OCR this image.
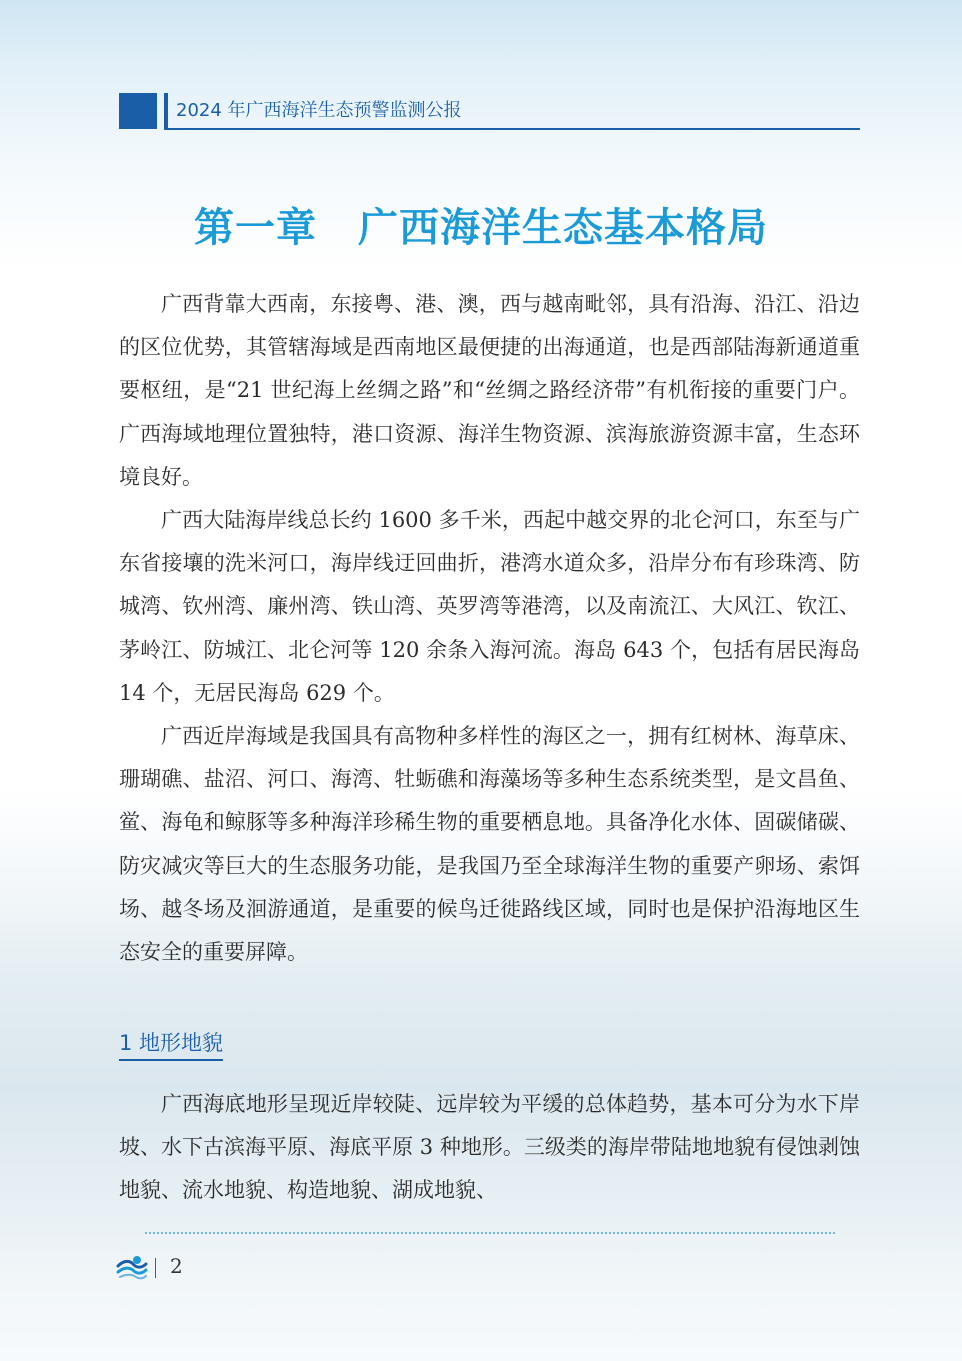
2024 年广西海洋生态预警监测公报
第一章　广西海洋生态基本格局

广西背靠大西南，东接粤、港、澳，西与越南毗邻，具有沿海、沿江、沿边的区位优势，其管辖海域是西南地区最便捷的出海通道，也是西部陆海新通道重要枢纽，是“21 世纪海上丝绸之路”和“丝绸之路经济带”有机衔接的重要门户。广西海域地理位置独特，港口资源、海洋生物资源、滨海旅游资源丰富，生态环境良好。

广西大陆海岸线总长约 1600 多千米，西起中越交界的北仑河口，东至与广东省接壤的洗米河口，海岸线迂回曲折，港湾水道众多，沿岸分布有珍珠湾、防城湾、钦州湾、廉州湾、铁山湾、英罗湾等港湾，以及南流江、大风江、钦江、茅岭江、防城江、北仑河等 120 余条入海河流。海岛 643 个，包括有居民海岛 14 个，无居民海岛 629 个。

广西近岸海域是我国具有高物种多样性的海区之一，拥有红树林、海草床、珊瑚礁、盐沼、河口、海湾、牡蛎礁和海藻场等多种生态系统类型，是文昌鱼、鲎、海龟和鲸豚等多种海洋珍稀生物的重要栖息地。具备净化水体、固碳储碳、防灾减灾等巨大的生态服务功能，是我国乃至全球海洋生物的重要产卵场、索饵场、越冬场及洄游通道，是重要的候鸟迁徙路线区域，同时也是保护沿海地区生态安全的重要屏障。

1 地形地貌

广西海底地形呈现近岸较陡、远岸较为平缓的总体趋势，基本可分为水下岸坡、水下古滨海平原、海底平原 3 种地形。三级类的海岸带陆地地貌有侵蚀剥蚀地貌、流水地貌、构造地貌、湖成地貌、

2
